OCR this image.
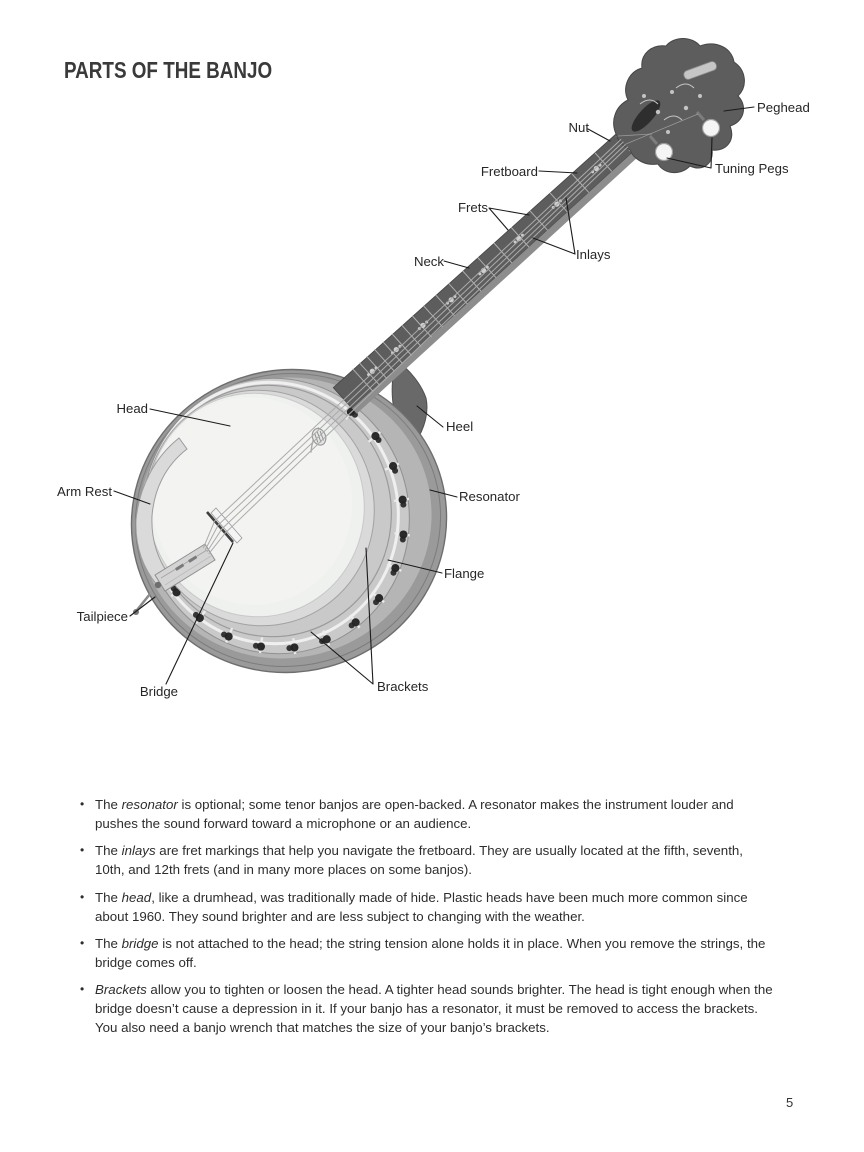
PARTS OF THE BANJO
Peghead
Nut
Tuning Pegs
Fretboard
Frets
Inlays
Neck
Heel
Head
Resonator
Arm Rest
Flange
Tailpiece
Brackets
Bridge
• The resonator is optional; some tenor banjos are open-backed. A resonator makes the instrument louder and pushes the sound forward toward a microphone or an audience.
• The inlays are fret markings that help you navigate the fretboard. They are usually located at the fifth, seventh, 10th, and 12th frets (and in many more places on some banjos).
• The head, like a drumhead, was traditionally made of hide. Plastic heads have been much more common since about 1960. They sound brighter and are less subject to changing with the weather.
• The bridge is not attached to the head; the string tension alone holds it in place. When you remove the strings, the bridge comes off.
• Brackets allow you to tighten or loosen the head. A tighter head sounds brighter. The head is tight enough when the bridge doesn’t cause a depression in it. If your banjo has a resonator, it must be removed to access the brackets. You also need a banjo wrench that matches the size of your banjo’s brackets.
5
